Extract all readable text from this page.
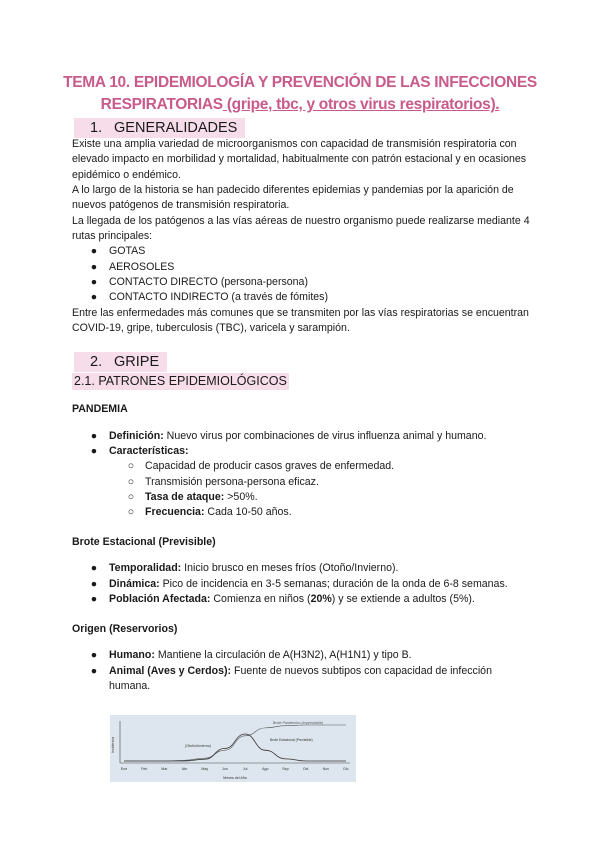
TEMA 10. EPIDEMIOLOGÍA Y PREVENCIÓN DE LAS INFECCIONES
RESPIRATORIAS (gripe, tbc, y otros virus respiratorios).
1. GENERALIDADES

Existe una amplia variedad de microorganismos con capacidad de transmisión respiratoria con elevado impacto en morbilidad y mortalidad, habitualmente con patrón estacional y en ocasiones epidémico o endémico.

A lo largo de la historia se han padecido diferentes epidemias y pandemias por la aparición de nuevos patógenos de transmisión respiratoria.

La llegada de los patógenos a las vías aéreas de nuestro organismo puede realizarse mediante 4 rutas principales:

● GOTAS
● AEROSOLES
● CONTACTO DIRECTO (persona-persona)
● CONTACTO INDIRECTO (a través de fómites)

Entre las enfermedades más comunes que se transmiten por las vías respiratorias se encuentran COVID-19, gripe, tuberculosis (TBC), varicela y sarampión.

2. GRIPE
2.1. PATRONES EPIDEMIOLÓGICOS
PANDEMIA
● Definición: Nuevo virus por combinaciones de virus influenza animal y humano.
● Características:
○ Capacidad de producir casos graves de enfermedad.
○ Transmisión persona-persona eficaz.
○ Tasa de ataque: >50%.
○ Frecuencia: Cada 10-50 años.
Brote Estacional (Previsible)
● Temporalidad: Inicio brusco en meses fríos (Otoño/Invierno).
● Dinámica: Pico de incidencia en 3-5 semanas; duración de la onda de 6-8 semanas.
● Población Afectada: Comienza en niños (20%) y se extiende a adultos (5%).
Origen (Reservorios)
● Humano: Mantiene la circulación de A(H3N2), A(H1N1) y tipo B.
● Animal (Aves y Cerdos): Fuente de nuevos subtipos con capacidad de infección humana.
Incidencia
Meses del Año
Brote Pandémico (Imprevisible)
Brote Estacional (Previsible)
(Otoño/Invierno)
Ene	Feb	Mar	Abr	May	Jun	Jul	Ago	Sep	Oct	Nov	Dic
